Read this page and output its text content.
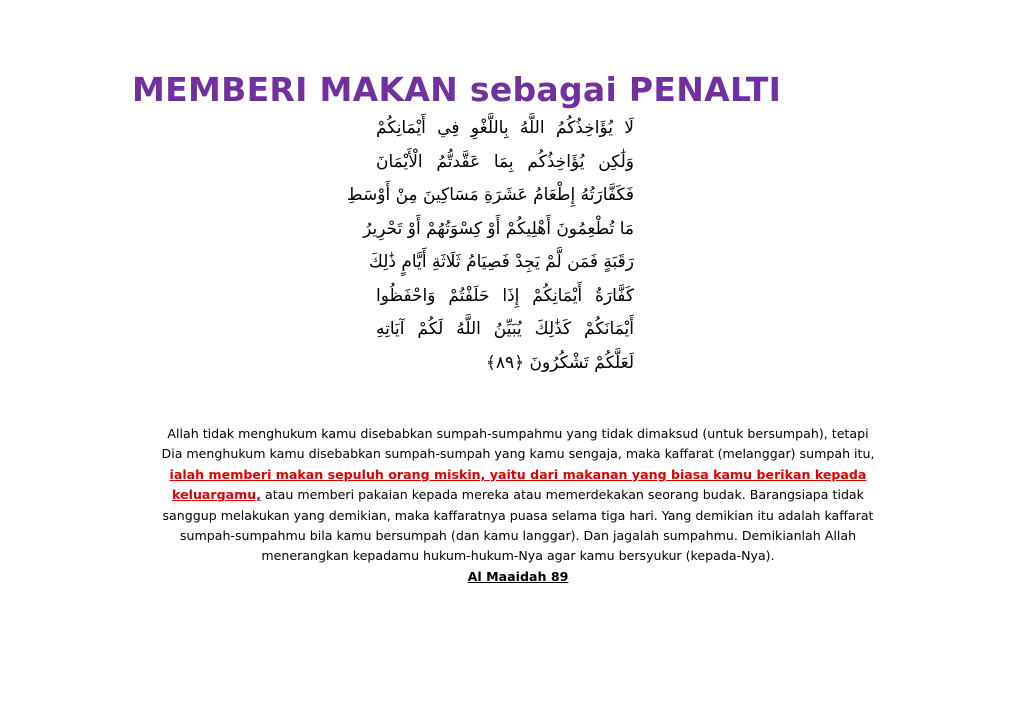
MEMBERI MAKAN sebagai PENALTI
لَا يُؤَاخِذُكُمُ اللَّهُ بِاللَّغْوِ فِي أَيْمَانِكُمْ
وَلَٰكِن يُؤَاخِذُكُم بِمَا عَقَّدتُّمُ الْأَيْمَانَ
فَكَفَّارَتُهُ إِطْعَامُ عَشَرَةِ مَسَاكِينَ مِنْ أَوْسَطِ
مَا تُطْعِمُونَ أَهْلِيكُمْ أَوْ كِسْوَتُهُمْ أَوْ تَحْرِيرُ
رَقَبَةٍ فَمَن لَّمْ يَجِدْ فَصِيَامُ ثَلَاثَةِ أَيَّامٍ ذَٰلِكَ
كَفَّارَةُ أَيْمَانِكُمْ إِذَا حَلَفْتُمْ وَاحْفَظُوا
أَيْمَانَكُمْ كَذَٰلِكَ يُبَيِّنُ اللَّهُ لَكُمْ آيَاتِهِ
لَعَلَّكُمْ تَشْكُرُونَ ﴿٨٩﴾

Allah tidak menghukum kamu disebabkan sumpah-sumpahmu yang tidak dimaksud (untuk bersumpah), tetapi
Dia menghukum kamu disebabkan sumpah-sumpah yang kamu sengaja, maka kaffarat (melanggar) sumpah itu,
ialah memberi makan sepuluh orang miskin, yaitu dari makanan yang biasa kamu berikan kepada
keluargamu, atau memberi pakaian kepada mereka atau memerdekakan seorang budak. Barangsiapa tidak
sanggup melakukan yang demikian, maka kaffaratnya puasa selama tiga hari. Yang demikian itu adalah kaffarat
sumpah-sumpahmu bila kamu bersumpah (dan kamu langgar). Dan jagalah sumpahmu. Demikianlah Allah
menerangkan kepadamu hukum-hukum-Nya agar kamu bersyukur (kepada-Nya).
Al Maaidah 89
